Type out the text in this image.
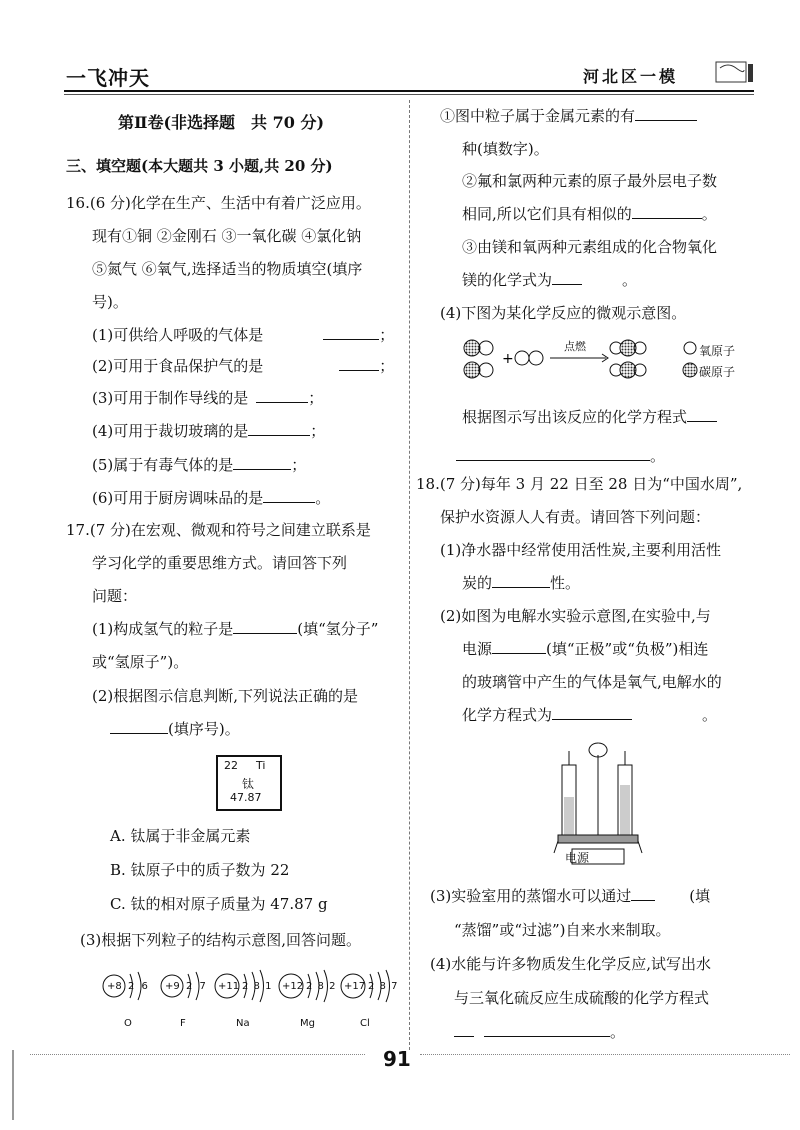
一飞冲天	河北区一模
第Ⅱ卷(非选择题　共 70 分)
三、填空题(本大题共 3 小题,共 20 分)
16.(6 分)化学在生产、生活中有着广泛应用。
现有①铜 ②金刚石 ③一氧化碳 ④氯化钠
⑤氮气 ⑥氧气,选择适当的物质填空(填序
号)。
(1)可供给人呼吸的气体是	；
(2)可用于食品保护气的是	；
(3)可用于制作导线的是	；
(4)可用于裁切玻璃的是	；
(5)属于有毒气体的是	；
(6)可用于厨房调味品的是	。
17.(7 分)在宏观、微观和符号之间建立联系是
学习化学的重要思维方式。请回答下列
问题：
(1)构成氢气的粒子是	(填“氢分子”
或“氢原子”)。
(2)根据图示信息判断,下列说法正确的是
(填序号)。
22 Ti
钛
47.87
A. 钛属于非金属元素
B. 钛原子中的质子数为 22
C. 钛的相对原子质量为 47.87 g
(3)根据下列粒子的结构示意图,回答问题。
+8 2 6
O
+9 2 7
F
+11 2 8 1
Na
+12 2 8 2
Mg
+17 2 8 7
Cl
①图中粒子属于金属元素的有
种(填数字)。
②氟和氯两种元素的原子最外层电子数
相同,所以它们具有相似的	。
③由镁和氧两种元素组成的化合物氧化
镁的化学式为	。
(4)下图为某化学反应的微观示意图。
+
点燃	氧原子
碳原子
根据图示写出该反应的化学方程式
。
18.(7 分)每年 3 月 22 日至 28 日为“中国水周”,
保护水资源人人有责。请回答下列问题：
(1)净水器中经常使用活性炭,主要利用活性
炭的	性。
(2)如图为电解水实验示意图,在实验中,与
电源	(填“正极”或“负极”)相连
的玻璃管中产生的气体是氧气,电解水的
化学方程式为	。
电源
(3)实验室用的蒸馏水可以通过	(填
“蒸馏”或“过滤”)自来水来制取。
(4)水能与许多物质发生化学反应,试写出水
与三氧化硫反应生成硫酸的化学方程式
。
91
